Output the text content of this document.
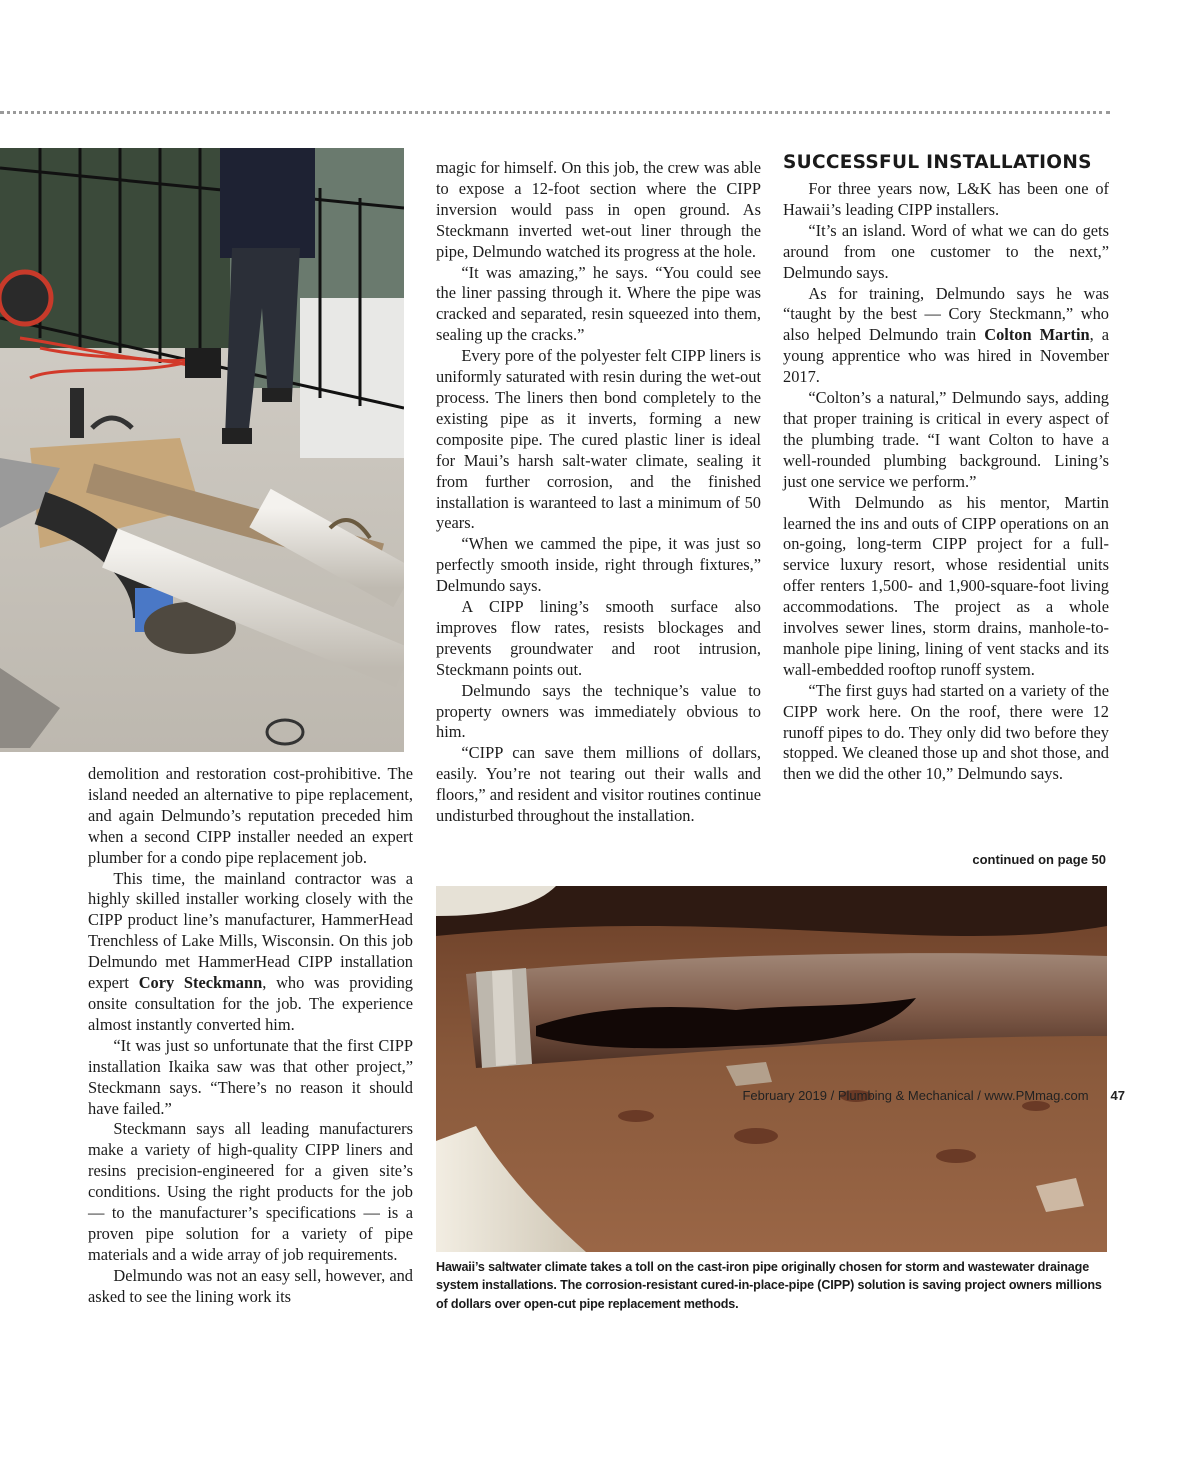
demolition and restoration cost-prohibitive. The island needed an alternative to pipe replacement, and again Delmundo’s reputation preceded him when a second CIPP installer needed an expert plumber for a condo pipe replacement job.

This time, the mainland contractor was a highly skilled installer working closely with the CIPP product line’s manufacturer, HammerHead Trenchless of Lake Mills, Wisconsin. On this job Delmundo met HammerHead CIPP installation expert Cory Steckmann, who was providing onsite consultation for the job. The experience almost instantly converted him.

“It was just so unfortunate that the first CIPP installation Ikaika saw was that other project,” Steckmann says. “There’s no reason it should have failed.”

Steckmann says all leading manufacturers make a variety of high-quality CIPP liners and resins precision-engineered for a given site’s conditions. Using the right products for the job — to the manufacturer’s specifications — is a proven pipe solution for a variety of pipe materials and a wide array of job requirements.

Delmundo was not an easy sell, however, and asked to see the lining work its

magic for himself. On this job, the crew was able to expose a 12-foot section where the CIPP inversion would pass in open ground. As Steckmann inverted wet-out liner through the pipe, Delmundo watched its progress at the hole.

“It was amazing,” he says. “You could see the liner passing through it. Where the pipe was cracked and separated, resin squeezed into them, sealing up the cracks.”

Every pore of the polyester felt CIPP liners is uniformly saturated with resin during the wet-out process. The liners then bond completely to the existing pipe as it inverts, forming a new composite pipe. The cured plastic liner is ideal for Maui’s harsh salt-water climate, sealing it from further corrosion, and the finished installation is waranteed to last a minimum of 50 years.

“When we cammed the pipe, it was just so perfectly smooth inside, right through fixtures,” Delmundo says.

A CIPP lining’s smooth surface also improves flow rates, resists blockages and prevents groundwater and root intrusion, Steckmann points out.

Delmundo says the technique’s value to property owners was immediately obvious to him.

“CIPP can save them millions of dollars, easily. You’re not tearing out their walls and floors,” and resident and visitor routines continue undisturbed throughout the installation.

SUCCESSFUL INSTALLATIONS

For three years now, L&K has been one of Hawaii’s leading CIPP installers.

“It’s an island. Word of what we can do gets around from one customer to the next,” Delmundo says.

As for training, Delmundo says he was “taught by the best — Cory Steckmann,” who also helped Delmundo train Colton Martin, a young apprentice who was hired in November 2017.

“Colton’s a natural,” Delmundo says, adding that proper training is critical in every aspect of the plumbing trade. “I want Colton to have a well-rounded plumbing background. Lining’s just one service we perform.”

With Delmundo as his mentor, Martin learned the ins and outs of CIPP operations on an on-going, long-term CIPP project for a full-service luxury resort, whose residential units offer renters 1,500- and 1,900-square-foot living accommodations. The project as a whole involves sewer lines, storm drains, manhole-to-manhole pipe lining, lining of vent stacks and its wall-embedded rooftop runoff system.

“The first guys had started on a variety of the CIPP work here. On the roof, there were 12 runoff pipes to do. They only did two before they stopped. We cleaned those up and shot those, and then we did the other 10,” Delmundo says.

continued on page 50
Hawaii’s saltwater climate takes a toll on the cast-iron pipe originally chosen for storm and wastewater drainage system installations. The corrosion-resistant cured-in-place-pipe (CIPP) solution is saving project owners millions of dollars over open-cut pipe replacement methods.
February 2019 / Plumbing & Mechanical / www.PMmag.com 47
